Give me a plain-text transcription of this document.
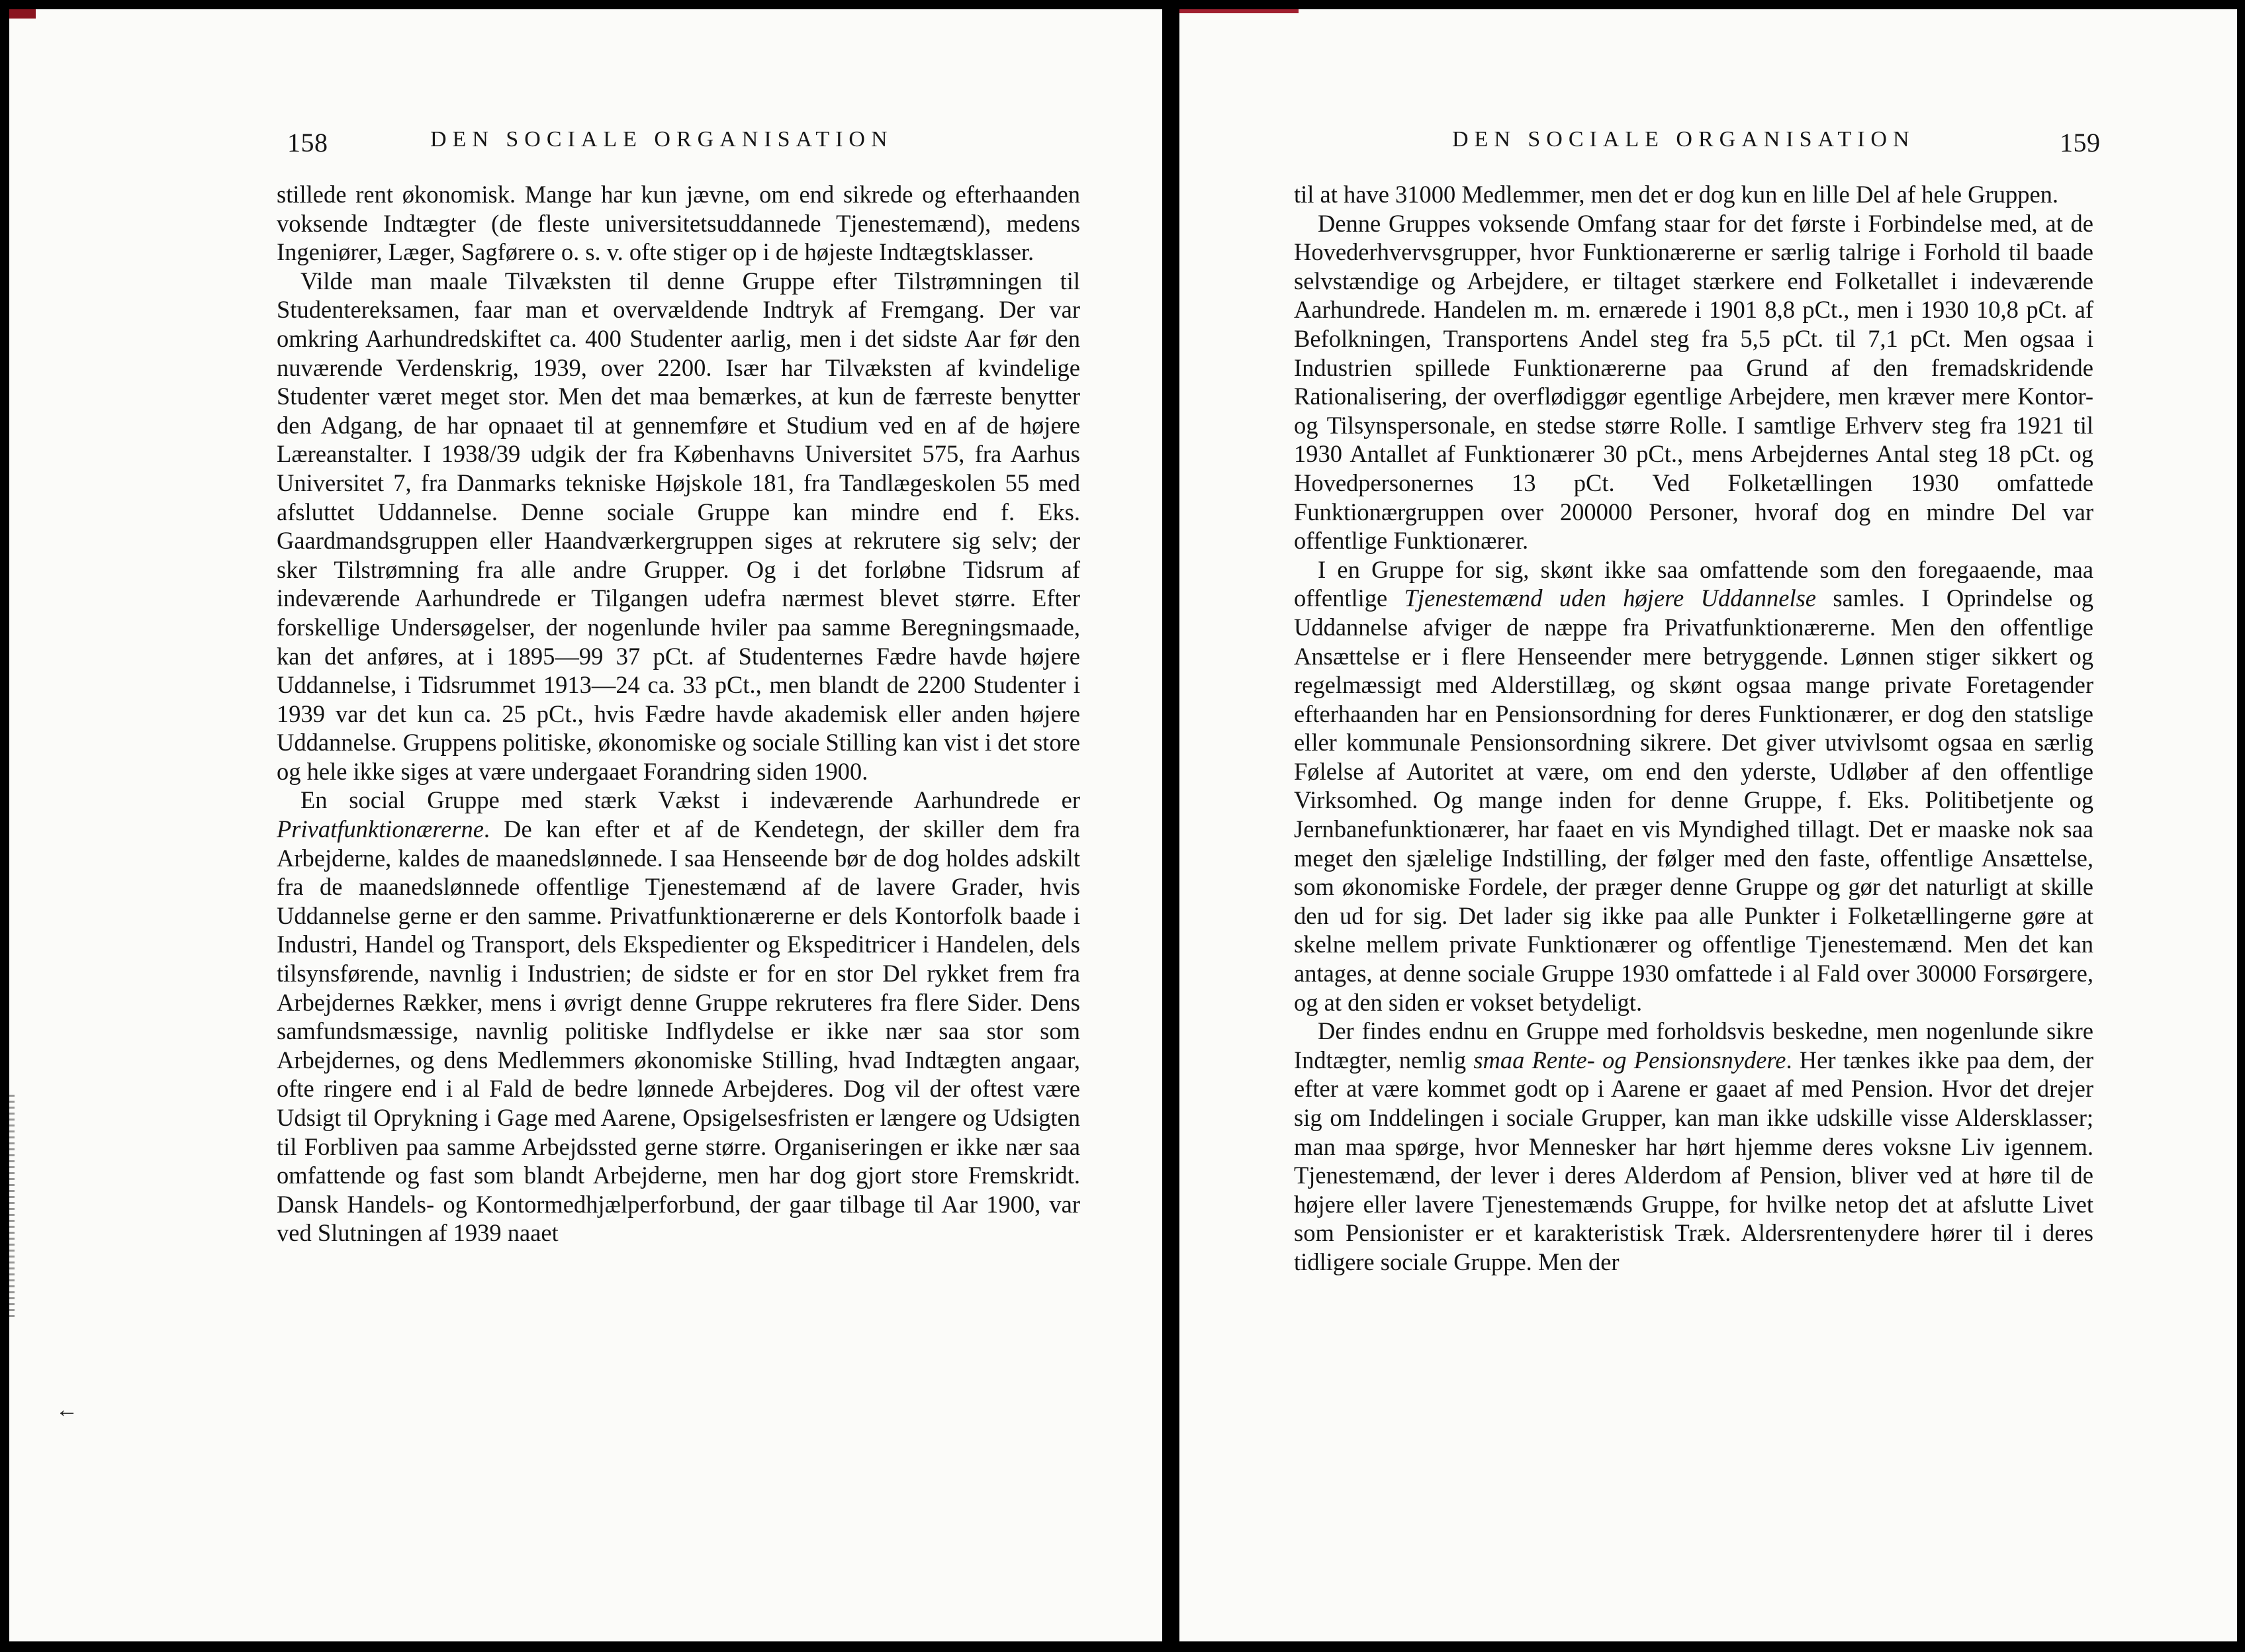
158	DEN SOCIALE ORGANISATION

stillede rent økonomisk. Mange har kun jævne, om end sikrede og efterhaanden voksende Indtægter (de fleste universitetsuddannede Tjenestemænd), medens Ingeniører, Læger, Sagførere o. s. v. ofte stiger op i de højeste Indtægtsklasser.

Vilde man maale Tilvæksten til denne Gruppe efter Tilstrømningen til Studentereksamen, faar man et overvældende Indtryk af Fremgang. Der var omkring Aarhundredskiftet ca. 400 Studenter aarlig, men i det sidste Aar før den nuværende Verdenskrig, 1939, over 2200. Især har Tilvæksten af kvindelige Studenter været meget stor. Men det maa bemærkes, at kun de færreste benytter den Adgang, de har opnaaet til at gennemføre et Studium ved en af de højere Læreanstalter. I 1938/39 udgik der fra Københavns Universitet 575, fra Aarhus Universitet 7, fra Danmarks tekniske Højskole 181, fra Tandlægeskolen 55 med afsluttet Uddannelse. Denne sociale Gruppe kan mindre end f. Eks. Gaardmandsgruppen eller Haandværkergruppen siges at rekrutere sig selv; der sker Tilstrømning fra alle andre Grupper. Og i det forløbne Tidsrum af indeværende Aarhundrede er Tilgangen udefra nærmest blevet større. Efter forskellige Undersøgelser, der nogenlunde hviler paa samme Beregningsmaade, kan det anføres, at i 1895—99 37 pCt. af Studenternes Fædre havde højere Uddannelse, i Tidsrummet 1913—24 ca. 33 pCt., men blandt de 2200 Studenter i 1939 var det kun ca. 25 pCt., hvis Fædre havde akademisk eller anden højere Uddannelse. Gruppens politiske, økonomiske og sociale Stilling kan vist i det store og hele ikke siges at være undergaaet Forandring siden 1900.

En social Gruppe med stærk Vækst i indeværende Aarhundrede er Privatfunktionærerne. De kan efter et af de Kendetegn, der skiller dem fra Arbejderne, kaldes de maanedslønnede. I saa Henseende bør de dog holdes adskilt fra de maanedslønnede offentlige Tjenestemænd af de lavere Grader, hvis Uddannelse gerne er den samme. Privatfunktionærerne er dels Kontorfolk baade i Industri, Handel og Transport, dels Ekspedienter og Ekspeditricer i Handelen, dels tilsynsførende, navnlig i Industrien; de sidste er for en stor Del rykket frem fra Arbejdernes Rækker, mens i øvrigt denne Gruppe rekruteres fra flere Sider. Dens samfundsmæssige, navnlig politiske Indflydelse er ikke nær saa stor som Arbejdernes, og dens Medlemmers økonomiske Stilling, hvad Indtægten angaar, ofte ringere end i al Fald de bedre lønnede Arbejderes. Dog vil der oftest være Udsigt til Oprykning i Gage med Aarene, Opsigelsesfristen er længere og Udsigten til Forbliven paa samme Arbejdssted gerne større. Organiseringen er ikke nær saa omfattende og fast som blandt Arbejderne, men har dog gjort store Fremskridt. Dansk Handels- og Kontormedhjælperforbund, der gaar tilbage til Aar 1900, var ved Slutningen af 1939 naaet

←
DEN SOCIALE ORGANISATION	159

til at have 31000 Medlemmer, men det er dog kun en lille Del af hele Gruppen.

Denne Gruppes voksende Omfang staar for det første i Forbindelse med, at de Hovederhvervsgrupper, hvor Funktionærerne er særlig talrige i Forhold til baade selvstændige og Arbejdere, er tiltaget stærkere end Folketallet i indeværende Aarhundrede. Handelen m. m. ernærede i 1901 8,8 pCt., men i 1930 10,8 pCt. af Befolkningen, Transportens Andel steg fra 5,5 pCt. til 7,1 pCt. Men ogsaa i Industrien spillede Funktionærerne paa Grund af den fremadskridende Rationalisering, der overflødiggør egentlige Arbejdere, men kræver mere Kontor- og Tilsynspersonale, en stedse større Rolle. I samtlige Erhverv steg fra 1921 til 1930 Antallet af Funktionærer 30 pCt., mens Arbejdernes Antal steg 18 pCt. og Hovedpersonernes 13 pCt. Ved Folketællingen 1930 omfattede Funktionærgruppen over 200000 Personer, hvoraf dog en mindre Del var offentlige Funktionærer.

I en Gruppe for sig, skønt ikke saa omfattende som den foregaaende, maa offentlige Tjenestemænd uden højere Uddannelse samles. I Oprindelse og Uddannelse afviger de næppe fra Privatfunktionærerne. Men den offentlige Ansættelse er i flere Henseender mere betryggende. Lønnen stiger sikkert og regelmæssigt med Alderstillæg, og skønt ogsaa mange private Foretagender efterhaanden har en Pensionsordning for deres Funktionærer, er dog den statslige eller kommunale Pensionsordning sikrere. Det giver utvivlsomt ogsaa en særlig Følelse af Autoritet at være, om end den yderste, Udløber af den offentlige Virksomhed. Og mange inden for denne Gruppe, f. Eks. Politibetjente og Jernbanefunktionærer, har faaet en vis Myndighed tillagt. Det er maaske nok saa meget den sjælelige Indstilling, der følger med den faste, offentlige Ansættelse, som økonomiske Fordele, der præger denne Gruppe og gør det naturligt at skille den ud for sig. Det lader sig ikke paa alle Punkter i Folketællingerne gøre at skelne mellem private Funktionærer og offentlige Tjenestemænd. Men det kan antages, at denne sociale Gruppe 1930 omfattede i al Fald over 30000 Forsørgere, og at den siden er vokset betydeligt.

Der findes endnu en Gruppe med forholdsvis beskedne, men nogenlunde sikre Indtægter, nemlig smaa Rente- og Pensionsnydere. Her tænkes ikke paa dem, der efter at være kommet godt op i Aarene er gaaet af med Pension. Hvor det drejer sig om Inddelingen i sociale Grupper, kan man ikke udskille visse Aldersklasser; man maa spørge, hvor Mennesker har hørt hjemme deres voksne Liv igennem. Tjenestemænd, der lever i deres Alderdom af Pension, bliver ved at høre til de højere eller lavere Tjenestemænds Gruppe, for hvilke netop det at afslutte Livet som Pensionister er et karakteristisk Træk. Aldersrentenydere hører til i deres tidligere sociale Gruppe. Men der
